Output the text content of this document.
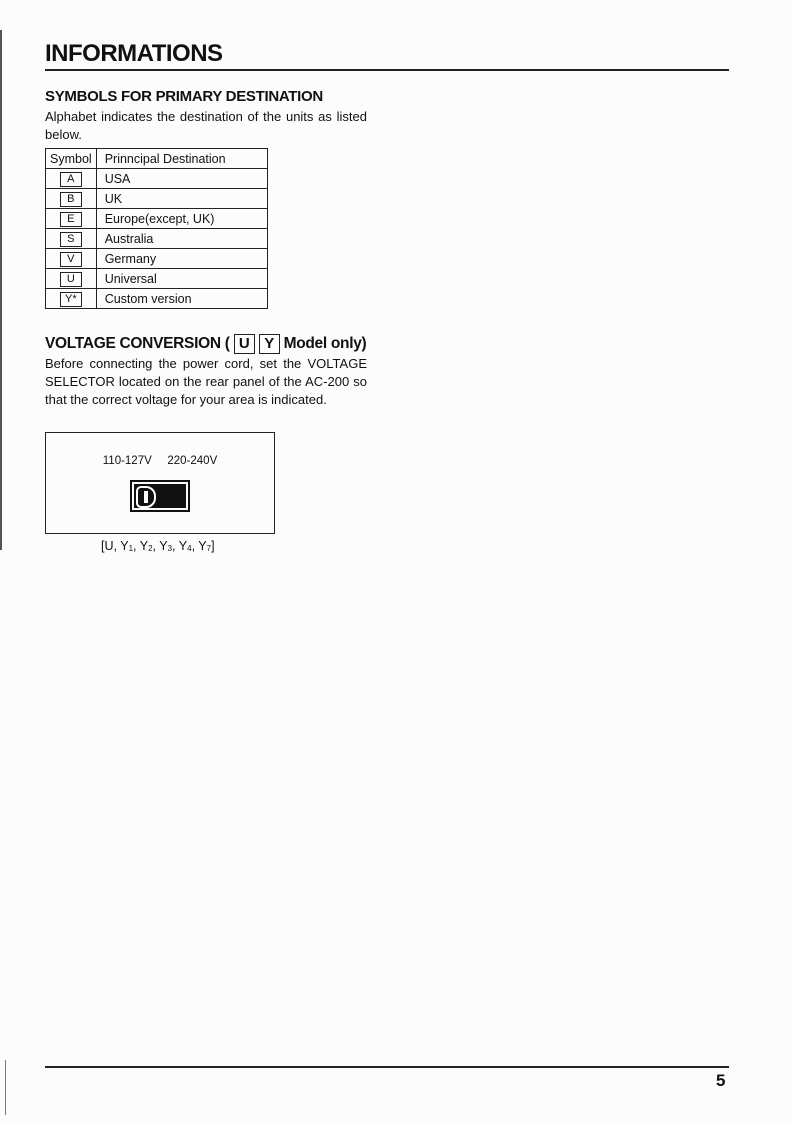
INFORMATIONS
SYMBOLS FOR PRIMARY DESTINATION

Alphabet indicates the destination of the units as listed below.

Symbol	Prinncipal Destination
A	USA
B	UK
E	Europe(except, UK)
S	Australia
V	Germany
U	Universal
Y*	Custom version
VOLTAGE CONVERSION ( U Y Model only)

Before connecting the power cord, set the VOLTAGE SELECTOR located on the rear panel of the AC-200 so that the correct voltage for your area is indicated.

110-127V 220-240V

[U, $Y_1$, $Y_2$, $Y_3$, $Y_4$, $Y_7$]

5
